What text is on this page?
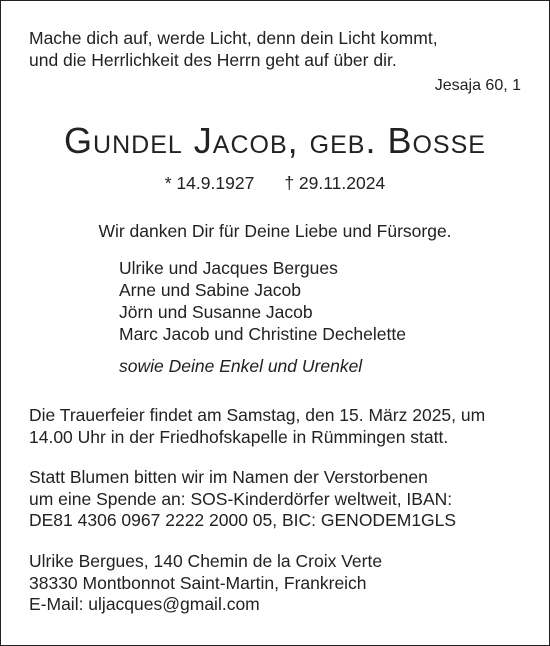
Mache dich auf, werde Licht, denn dein Licht kommt,
und die Herrlichkeit des Herrn geht auf über dir.
Jesaja 60, 1
Gundel Jacob, geb. Bosse
* 14.9.1927 † 29.11.2024
Wir danken Dir für Deine Liebe und Fürsorge.
Ulrike und Jacques Bergues
Arne und Sabine Jacob
Jörn und Susanne Jacob
Marc Jacob und Christine Dechelette
sowie Deine Enkel und Urenkel
Die Trauerfeier findet am Samstag, den 15. März 2025, um
14.00 Uhr in der Friedhofskapelle in Rümmingen statt.
Statt Blumen bitten wir im Namen der Verstorbenen
um eine Spende an: SOS-Kinderdörfer weltweit, IBAN:
DE81 4306 0967 2222 2000 05, BIC: GENODEM1GLS
Ulrike Bergues, 140 Chemin de la Croix Verte
38330 Montbonnot Saint-Martin, Frankreich
E-Mail: uljacques@gmail.com
